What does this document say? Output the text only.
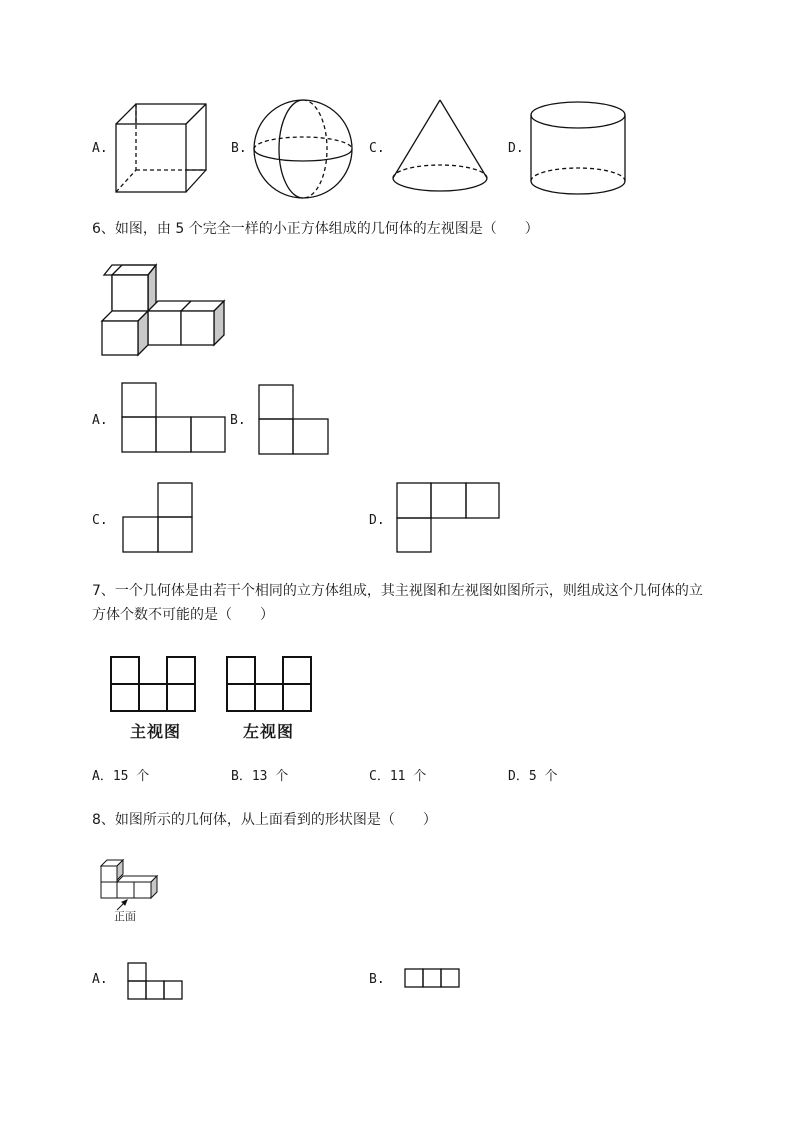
A.	B.	C.	D.
6、如图，由 5 个完全一样的小正方体组成的几何体的左视图是（　　）
A.	B.
C.	D.
7、一个几何体是由若干个相同的立方体组成，其主视图和左视图如图所示，则组成这个几何体的立
方体个数不可能的是（　　）
主视图	左视图
A．15 个	B．13 个	C．11 个	D．5 个
8、如图所示的几何体，从上面看到的形状图是（　　）
正面
A.	B.
